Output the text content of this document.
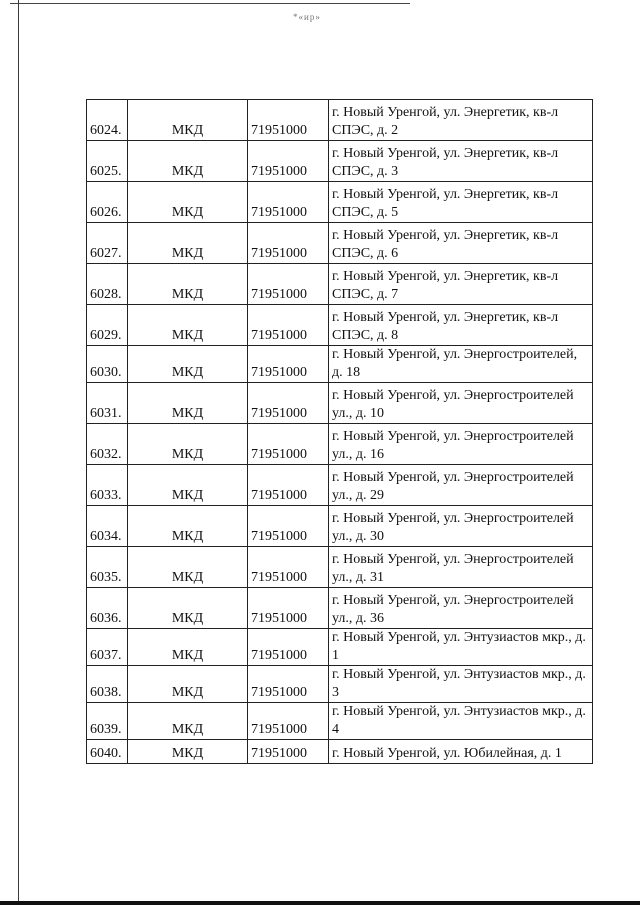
*«ир»
6024.	МКД	71951000	г. Новый Уренгой, ул. Энергетик, кв-л СПЭС, д. 2
6025.	МКД	71951000	г. Новый Уренгой, ул. Энергетик, кв-л СПЭС, д. 3
6026.	МКД	71951000	г. Новый Уренгой, ул. Энергетик, кв-л СПЭС, д. 5
6027.	МКД	71951000	г. Новый Уренгой, ул. Энергетик, кв-л СПЭС, д. 6
6028.	МКД	71951000	г. Новый Уренгой, ул. Энергетик, кв-л СПЭС, д. 7
6029.	МКД	71951000	г. Новый Уренгой, ул. Энергетик, кв-л СПЭС, д. 8
6030.	МКД	71951000	г. Новый Уренгой, ул. Энергостроителей, д. 18
6031.	МКД	71951000	г. Новый Уренгой, ул. Энергостроителей ул., д. 10
6032.	МКД	71951000	г. Новый Уренгой, ул. Энергостроителей ул., д. 16
6033.	МКД	71951000	г. Новый Уренгой, ул. Энергостроителей ул., д. 29
6034.	МКД	71951000	г. Новый Уренгой, ул. Энергостроителей ул., д. 30
6035.	МКД	71951000	г. Новый Уренгой, ул. Энергостроителей ул., д. 31
6036.	МКД	71951000	г. Новый Уренгой, ул. Энергостроителей ул., д. 36
6037.	МКД	71951000	г. Новый Уренгой, ул. Энтузиастов мкр., д. 1
6038.	МКД	71951000	г. Новый Уренгой, ул. Энтузиастов мкр., д. 3
6039.	МКД	71951000	г. Новый Уренгой, ул. Энтузиастов мкр., д. 4
6040.	МКД	71951000	г. Новый Уренгой, ул. Юбилейная, д. 1
